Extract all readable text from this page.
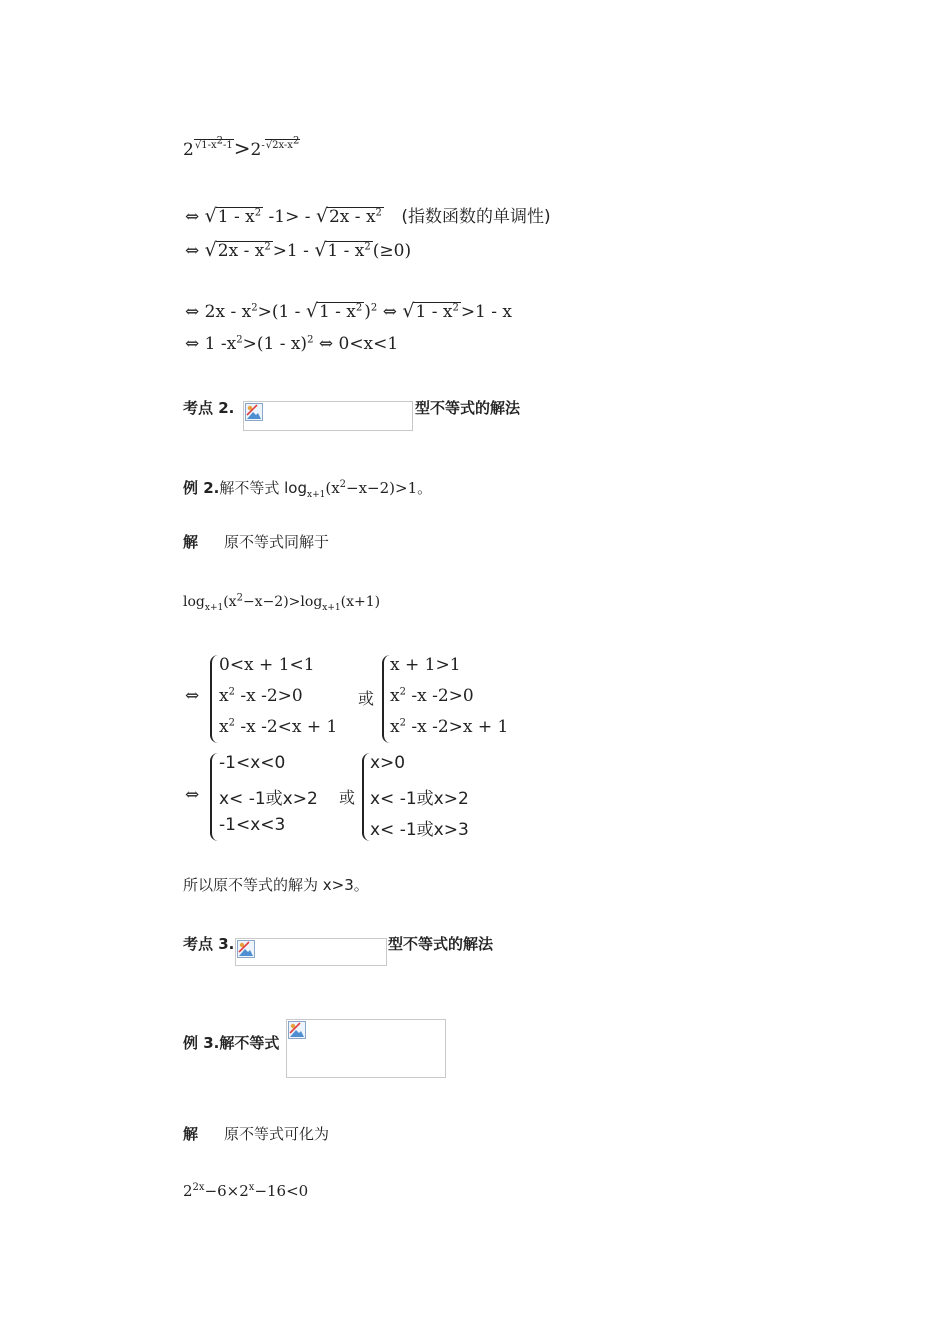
$2^{√1-x^2-1}>2^{-√2x-x^2}$
⇔ $√1 - x^2$ $-1> - √2x - x^2$ (指数函数的单调性)
⇔ $√2x - x^2 >1 - √1 - x^2$ (≥0)
⇔ $2x - x^2>(1 - √1 - x^2$ )$^2$ ⇔ $√1 - x^2 >1 - x$
⇔ 1 $-x^2>(1 - x)^2$ ⇔ 0<x<1
考点 2.	型不等式的解法
例 2.解不等式 $\log_{x+1}(x^2-x-2)>1$。
解 原不等式同解于
$\log_{x+1}(x^2-x-2)>\log_{x+1}(x+1)$
⇔
0<x + 1<1
$x^2$ -x -2>0
$x^2$ -x -2<x + 1
或
x + 1>1
$x^2$ -x -2>0
$x^2$ -x -2>x + 1
⇔
-1<x<0
x< -1或x>2
-1<x<3
或
x>0
x< -1或x>2
x< -1或x>3
所以原不等式的解为 x>3。
考点 3.	型不等式的解法
例 3.解不等式
解 原不等式可化为
$2^{2x}-6\times 2^x-16<0$
